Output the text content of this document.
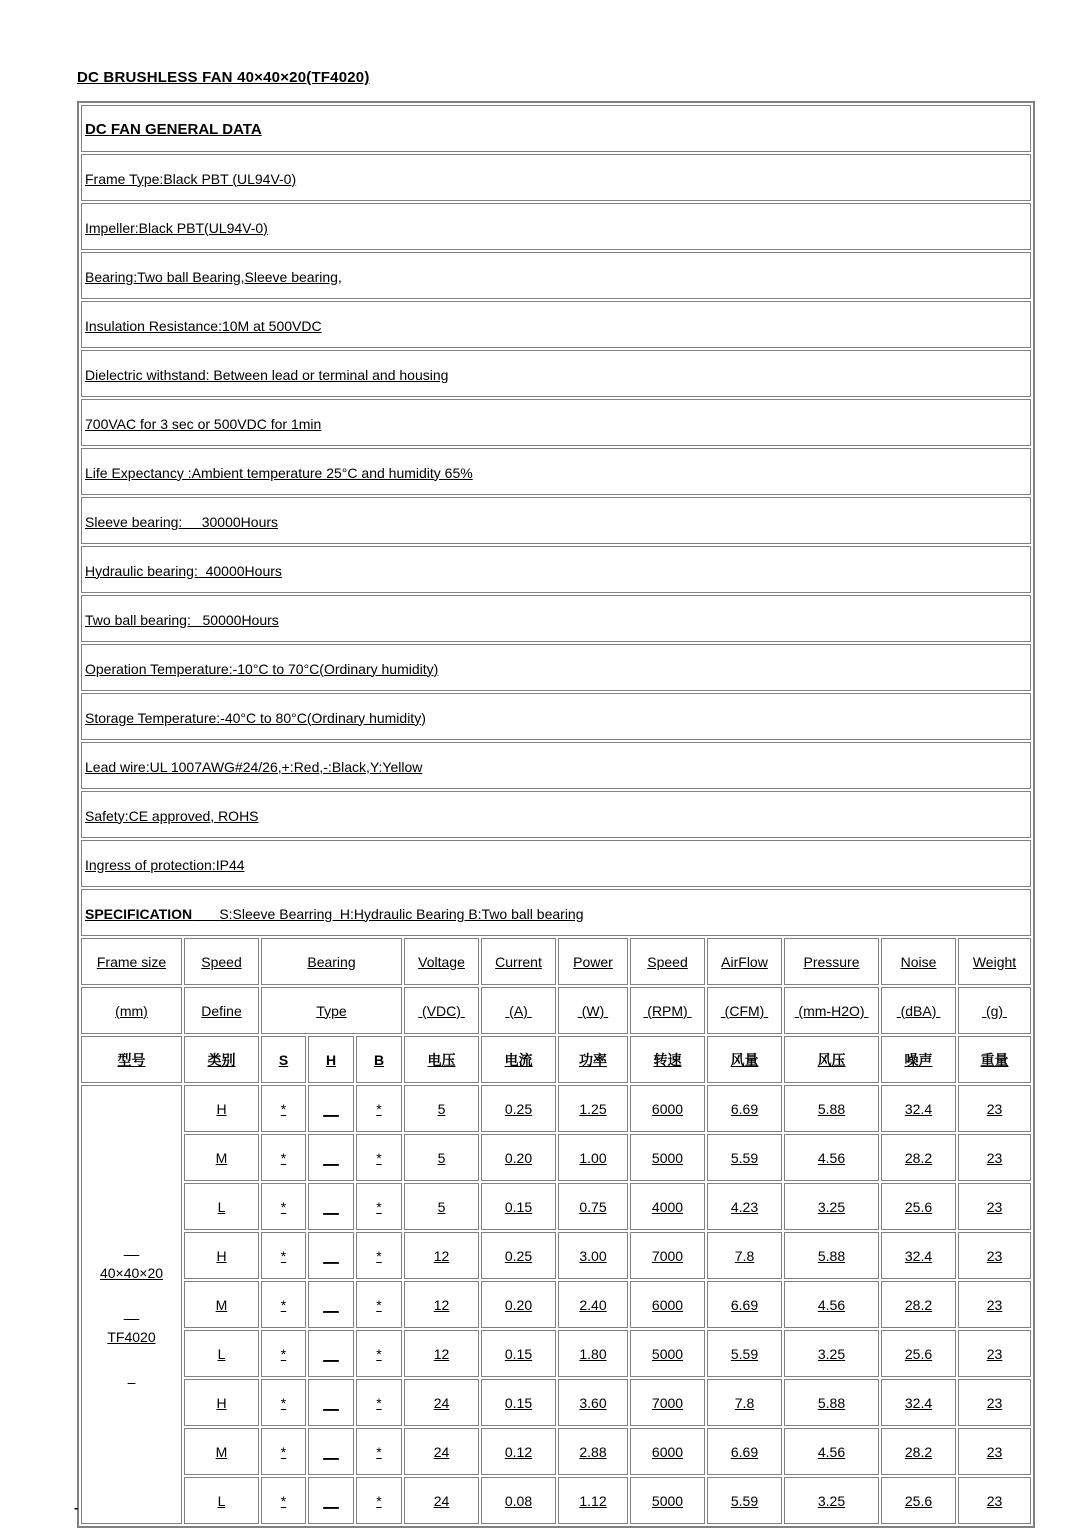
DC BRUSHLESS FAN 40×40×20(TF4020)
DC FAN GENERAL DATA												
Frame Type:Black PBT (UL94V-0)												
Impeller:Black PBT(UL94V-0)												
Bearing:Two ball Bearing,Sleeve bearing,												
Insulation Resistance:10M at 500VDC												
Dielectric withstand: Between lead or terminal and housing												
700VAC for 3 sec or 500VDC for 1min												
Life Expectancy :Ambient temperature 25°C and humidity 65%												
Sleeve bearing:     30000Hours												
Hydraulic bearing:  40000Hours												
Two ball bearing:   50000Hours												
Operation Temperature:-10°C to 70°C(Ordinary humidity)												
Storage Temperature:-40°C to 80°C(Ordinary humidity)												
Lead wire:UL 1007AWG#24/26,+:Red,-:Black,Y:Yellow												
Safety:CE approved, ROHS												
Ingress of protection:IP44												
SPECIFICATION S:Sleeve Bearring  H:Hydraulic Bearing B:Two ball bearing												
Frame size	Speed	Bearing			Voltage	Current	Power	Speed	AirFlow	Pressure	Noise	Weight
(mm)	Define	Type			(VDC)	(A)	(W)	(RPM)	(CFM)	(mm-H2O)	(dBA)	(g)
型号	类别	S	H	B	电压	电流	功率	转速	风量	风压	噪声	重量

40×40×20

TF4020	H	*	__	*	5	0.25	1.25	6000	6.69	5.88	32.4	23
	M	*	__	*	5	0.20	1.00	5000	5.59	4.56	28.2	23
	L	*	__	*	5	0.15	0.75	4000	4.23	3.25	25.6	23
	H	*	__	*	12	0.25	3.00	7000	7.8	5.88	32.4	23
	M	*	__	*	12	0.20	2.40	6000	6.69	4.56	28.2	23
	L	*	__	*	12	0.15	1.80	5000	5.59	3.25	25.6	23
	H	*	__	*	24	0.15	3.60	7000	7.8	5.88	32.4	23
	M	*	__	*	24	0.12	2.88	6000	6.69	4.56	28.2	23
	L	*	__	*	24	0.08	1.12	5000	5.59	3.25	25.6	23
-
